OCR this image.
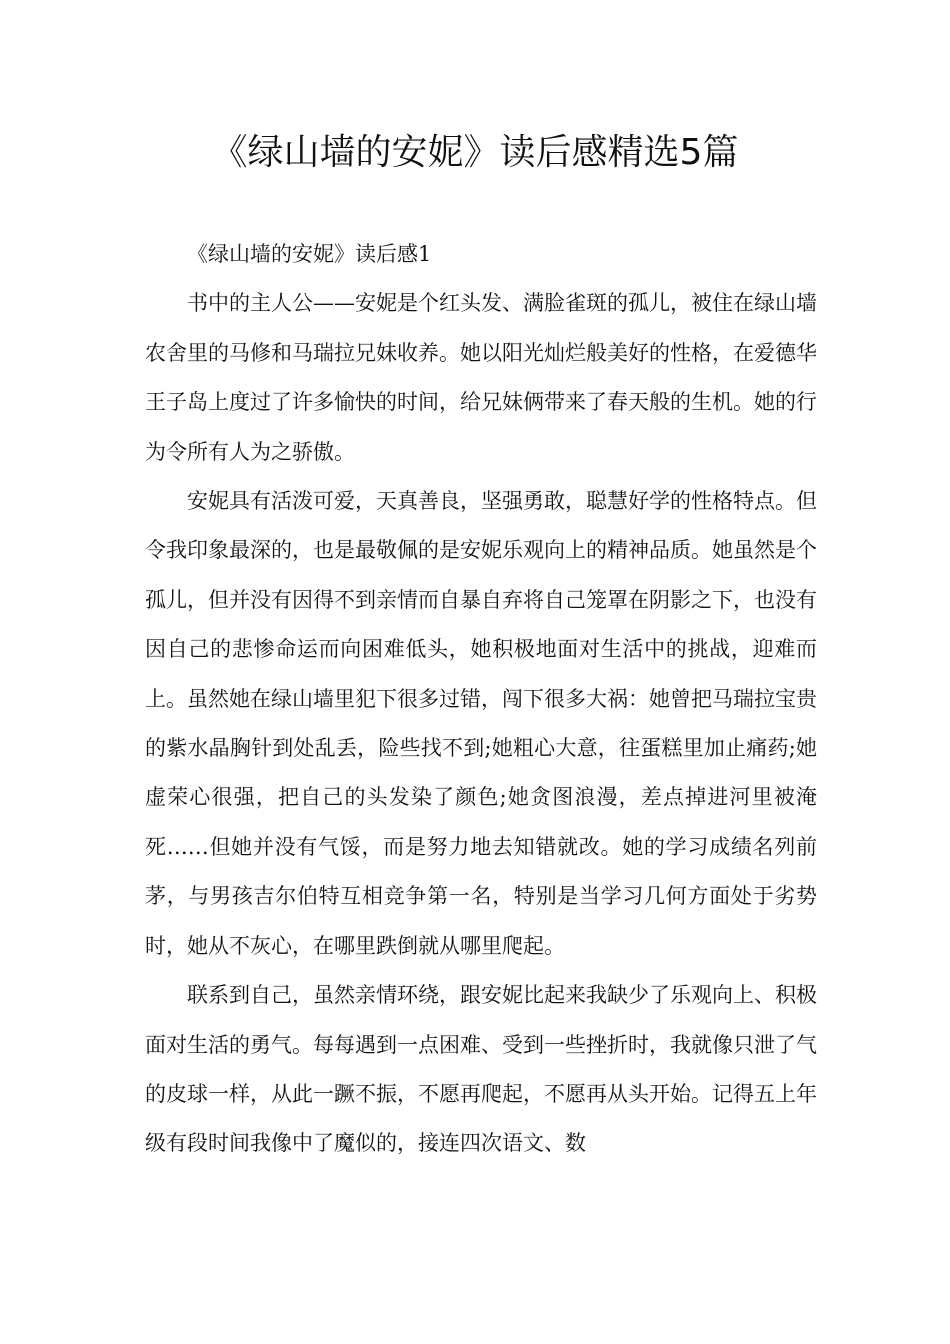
《绿山墙的安妮》读后感精选5篇
《绿山墙的安妮》读后感1

书中的主人公——安妮是个红头发、满脸雀斑的孤儿，被住在绿山墙农舍里的马修和马瑞拉兄妹收养。她以阳光灿烂般美好的性格，在爱德华王子岛上度过了许多愉快的时间，给兄妹俩带来了春天般的生机。她的行为令所有人为之骄傲。

安妮具有活泼可爱，天真善良，坚强勇敢，聪慧好学的性格特点。但令我印象最深的，也是最敬佩的是安妮乐观向上的精神品质。她虽然是个孤儿，但并没有因得不到亲情而自暴自弃将自己笼罩在阴影之下，也没有因自己的悲惨命运而向困难低头，她积极地面对生活中的挑战，迎难而上。虽然她在绿山墙里犯下很多过错，闯下很多大祸：她曾把马瑞拉宝贵的紫水晶胸针到处乱丢，险些找不到;她粗心大意，往蛋糕里加止痛药;她虚荣心很强，把自己的头发染了颜色;她贪图浪漫，差点掉进河里被淹死……但她并没有气馁，而是努力地去知错就改。她的学习成绩名列前茅，与男孩吉尔伯特互相竞争第一名，特别是当学习几何方面处于劣势时，她从不灰心，在哪里跌倒就从哪里爬起。

联系到自己，虽然亲情环绕，跟安妮比起来我缺少了乐观向上、积极面对生活的勇气。每每遇到一点困难、受到一些挫折时，我就像只泄了气的皮球一样，从此一蹶不振，不愿再爬起，不愿再从头开始。记得五上年级有段时间我像中了魔似的，接连四次语文、数
